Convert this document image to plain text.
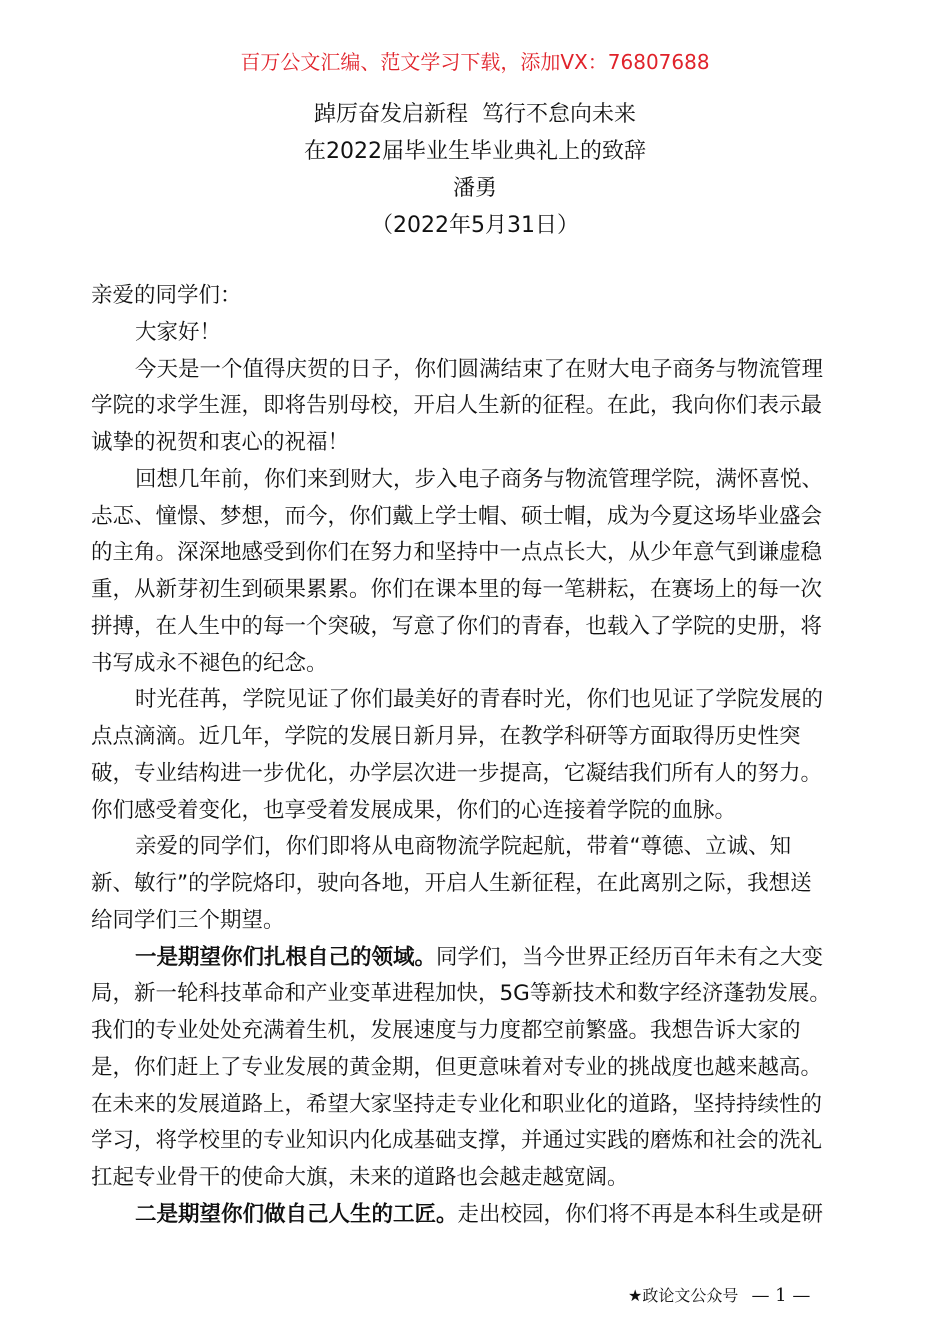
百万公文汇编、范文学习下载，添加VX：76807688
踔厉奋发启新程  笃行不怠向未来
在2022届毕业生毕业典礼上的致辞
潘勇
（2022年5月31日）
亲爱的同学们：
大家好！
今天是一个值得庆贺的日子，你们圆满结束了在财大电子商务与物流管理
学院的求学生涯，即将告别母校，开启人生新的征程。在此，我向你们表示最
诚挚的祝贺和衷心的祝福！
回想几年前，你们来到财大，步入电子商务与物流管理学院，满怀喜悦、
忐忑、憧憬、梦想，而今，你们戴上学士帽、硕士帽，成为今夏这场毕业盛会
的主角。深深地感受到你们在努力和坚持中一点点长大，从少年意气到谦虚稳
重，从新芽初生到硕果累累。你们在课本里的每一笔耕耘，在赛场上的每一次
拼搏，在人生中的每一个突破，写意了你们的青春，也载入了学院的史册，将
书写成永不褪色的纪念。
时光荏苒，学院见证了你们最美好的青春时光，你们也见证了学院发展的
点点滴滴。近几年，学院的发展日新月异，在教学科研等方面取得历史性突
破，专业结构进一步优化，办学层次进一步提高，它凝结我们所有人的努力。
你们感受着变化，也享受着发展成果，你们的心连接着学院的血脉。
亲爱的同学们，你们即将从电商物流学院起航，带着“尊德、立诚、知
新、敏行”的学院烙印，驶向各地，开启人生新征程，在此离别之际，我想送
给同学们三个期望。
一是期望你们扎根自己的领域。同学们，当今世界正经历百年未有之大变
局，新一轮科技革命和产业变革进程加快，5G等新技术和数字经济蓬勃发展。
我们的专业处处充满着生机，发展速度与力度都空前繁盛。我想告诉大家的
是，你们赶上了专业发展的黄金期，但更意味着对专业的挑战度也越来越高。
在未来的发展道路上，希望大家坚持走专业化和职业化的道路，坚持持续性的
学习，将学校里的专业知识内化成基础支撑，并通过实践的磨炼和社会的洗礼
扛起专业骨干的使命大旗，未来的道路也会越走越宽阔。
二是期望你们做自己人生的工匠。走出校园，你们将不再是本科生或是研
★政论文公众号 — 1 —
